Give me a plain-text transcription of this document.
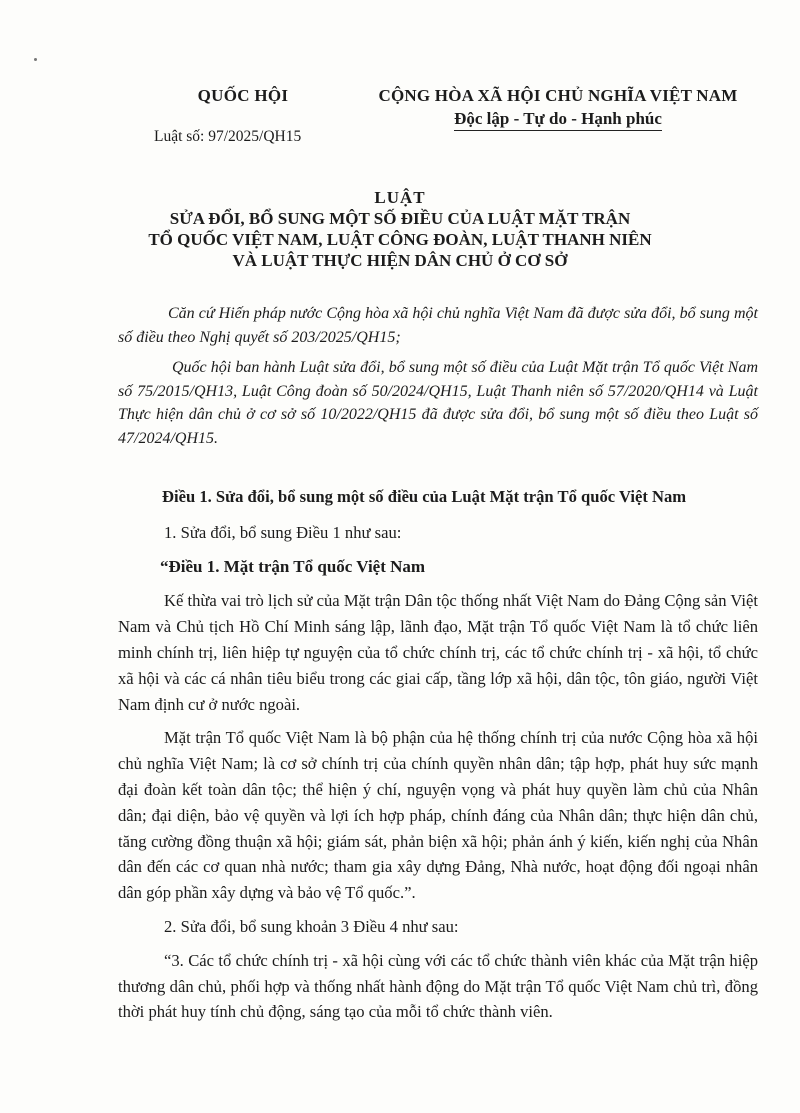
QUỐC HỘI
Luật số: 97/2025/QH15
CỘNG HÒA XÃ HỘI CHỦ NGHĨA VIỆT NAM
Độc lập - Tự do - Hạnh phúc
LUẬT
SỬA ĐỔI, BỔ SUNG MỘT SỐ ĐIỀU CỦA LUẬT MẶT TRẬN
TỔ QUỐC VIỆT NAM, LUẬT CÔNG ĐOÀN, LUẬT THANH NIÊN
VÀ LUẬT THỰC HIỆN DÂN CHỦ Ở CƠ SỞ

Căn cứ Hiến pháp nước Cộng hòa xã hội chủ nghĩa Việt Nam đã được sửa đổi, bổ sung một số điều theo Nghị quyết số 203/2025/QH15;

Quốc hội ban hành Luật sửa đổi, bổ sung một số điều của Luật Mặt trận Tổ quốc Việt Nam số 75/2015/QH13, Luật Công đoàn số 50/2024/QH15, Luật Thanh niên số 57/2020/QH14 và Luật Thực hiện dân chủ ở cơ sở số 10/2022/QH15 đã được sửa đổi, bổ sung một số điều theo Luật số 47/2024/QH15.

Điều 1. Sửa đổi, bổ sung một số điều của Luật Mặt trận Tổ quốc Việt Nam

1. Sửa đổi, bổ sung Điều 1 như sau:

“Điều 1. Mặt trận Tổ quốc Việt Nam

Kế thừa vai trò lịch sử của Mặt trận Dân tộc thống nhất Việt Nam do Đảng Cộng sản Việt Nam và Chủ tịch Hồ Chí Minh sáng lập, lãnh đạo, Mặt trận Tổ quốc Việt Nam là tổ chức liên minh chính trị, liên hiệp tự nguyện của tổ chức chính trị, các tổ chức chính trị - xã hội, tổ chức xã hội và các cá nhân tiêu biểu trong các giai cấp, tầng lớp xã hội, dân tộc, tôn giáo, người Việt Nam định cư ở nước ngoài.

Mặt trận Tổ quốc Việt Nam là bộ phận của hệ thống chính trị của nước Cộng hòa xã hội chủ nghĩa Việt Nam; là cơ sở chính trị của chính quyền nhân dân; tập hợp, phát huy sức mạnh đại đoàn kết toàn dân tộc; thể hiện ý chí, nguyện vọng và phát huy quyền làm chủ của Nhân dân; đại diện, bảo vệ quyền và lợi ích hợp pháp, chính đáng của Nhân dân; thực hiện dân chủ, tăng cường đồng thuận xã hội; giám sát, phản biện xã hội; phản ánh ý kiến, kiến nghị của Nhân dân đến các cơ quan nhà nước; tham gia xây dựng Đảng, Nhà nước, hoạt động đối ngoại nhân dân góp phần xây dựng và bảo vệ Tổ quốc.”.

2. Sửa đổi, bổ sung khoản 3 Điều 4 như sau:

“3. Các tổ chức chính trị - xã hội cùng với các tổ chức thành viên khác của Mặt trận hiệp thương dân chủ, phối hợp và thống nhất hành động do Mặt trận Tổ quốc Việt Nam chủ trì, đồng thời phát huy tính chủ động, sáng tạo của mỗi tổ chức thành viên.
